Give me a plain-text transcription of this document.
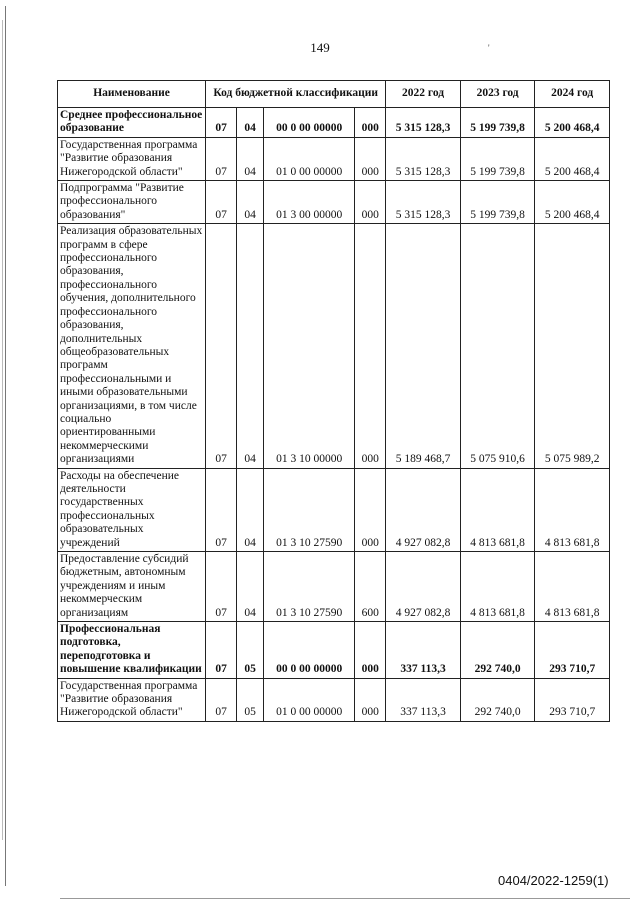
149	'
Наименование	Код бюджетной классификации				2022 год	2023 год	2024 год
Среднее профессиональное образование	07	04	00 0 00 00000	000	5 315 128,3	5 199 739,8	5 200 468,4
Государственная программа "Развитие образования Нижегородской области"	07	04	01 0 00 00000	000	5 315 128,3	5 199 739,8	5 200 468,4
Подпрограмма "Развитие профессионального образования"	07	04	01 3 00 00000	000	5 315 128,3	5 199 739,8	5 200 468,4
Реализация образовательных программ в сфере профессионального образования, профессионального обучения, дополнительного профессионального образования, дополнительных общеобразовательных программ профессиональными и иными образовательными организациями, в том числе социально ориентированными некоммерческими организациями	07	04	01 3 10 00000	000	5 189 468,7	5 075 910,6	5 075 989,2
Расходы на обеспечение деятельности государственных профессиональных образовательных учреждений	07	04	01 3 10 27590	000	4 927 082,8	4 813 681,8	4 813 681,8
Предоставление субсидий бюджетным, автономным учреждениям и иным некоммерческим организациям	07	04	01 3 10 27590	600	4 927 082,8	4 813 681,8	4 813 681,8
Профессиональная подготовка, переподготовка и повышение квалификации	07	05	00 0 00 00000	000	337 113,3	292 740,0	293 710,7
Государственная программа "Развитие образования Нижегородской области"	07	05	01 0 00 00000	000	337 113,3	292 740,0	293 710,7
0404/2022-1259(1)
